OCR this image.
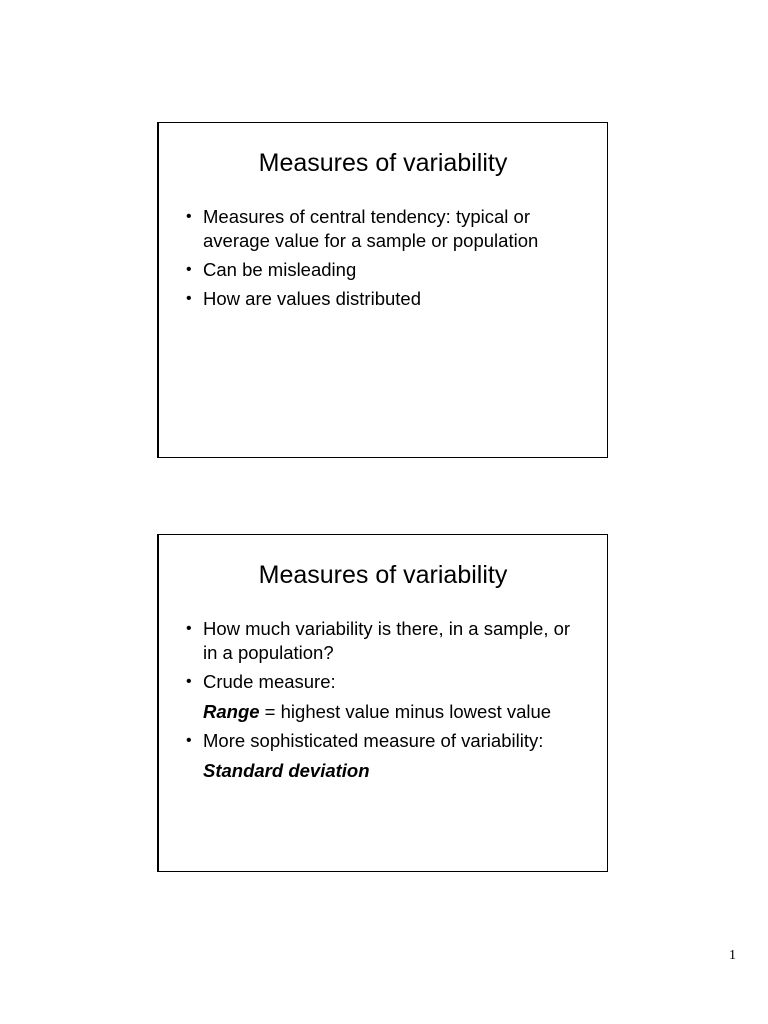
Measures of variability
• Measures of central tendency: typical or average value for a sample or population
• Can be misleading
• How are values distributed
Measures of variability
• How much variability is there, in a sample, or in a population?
• Crude measure:
Range = highest value minus lowest value
• More sophisticated measure of variability:
Standard deviation
1
